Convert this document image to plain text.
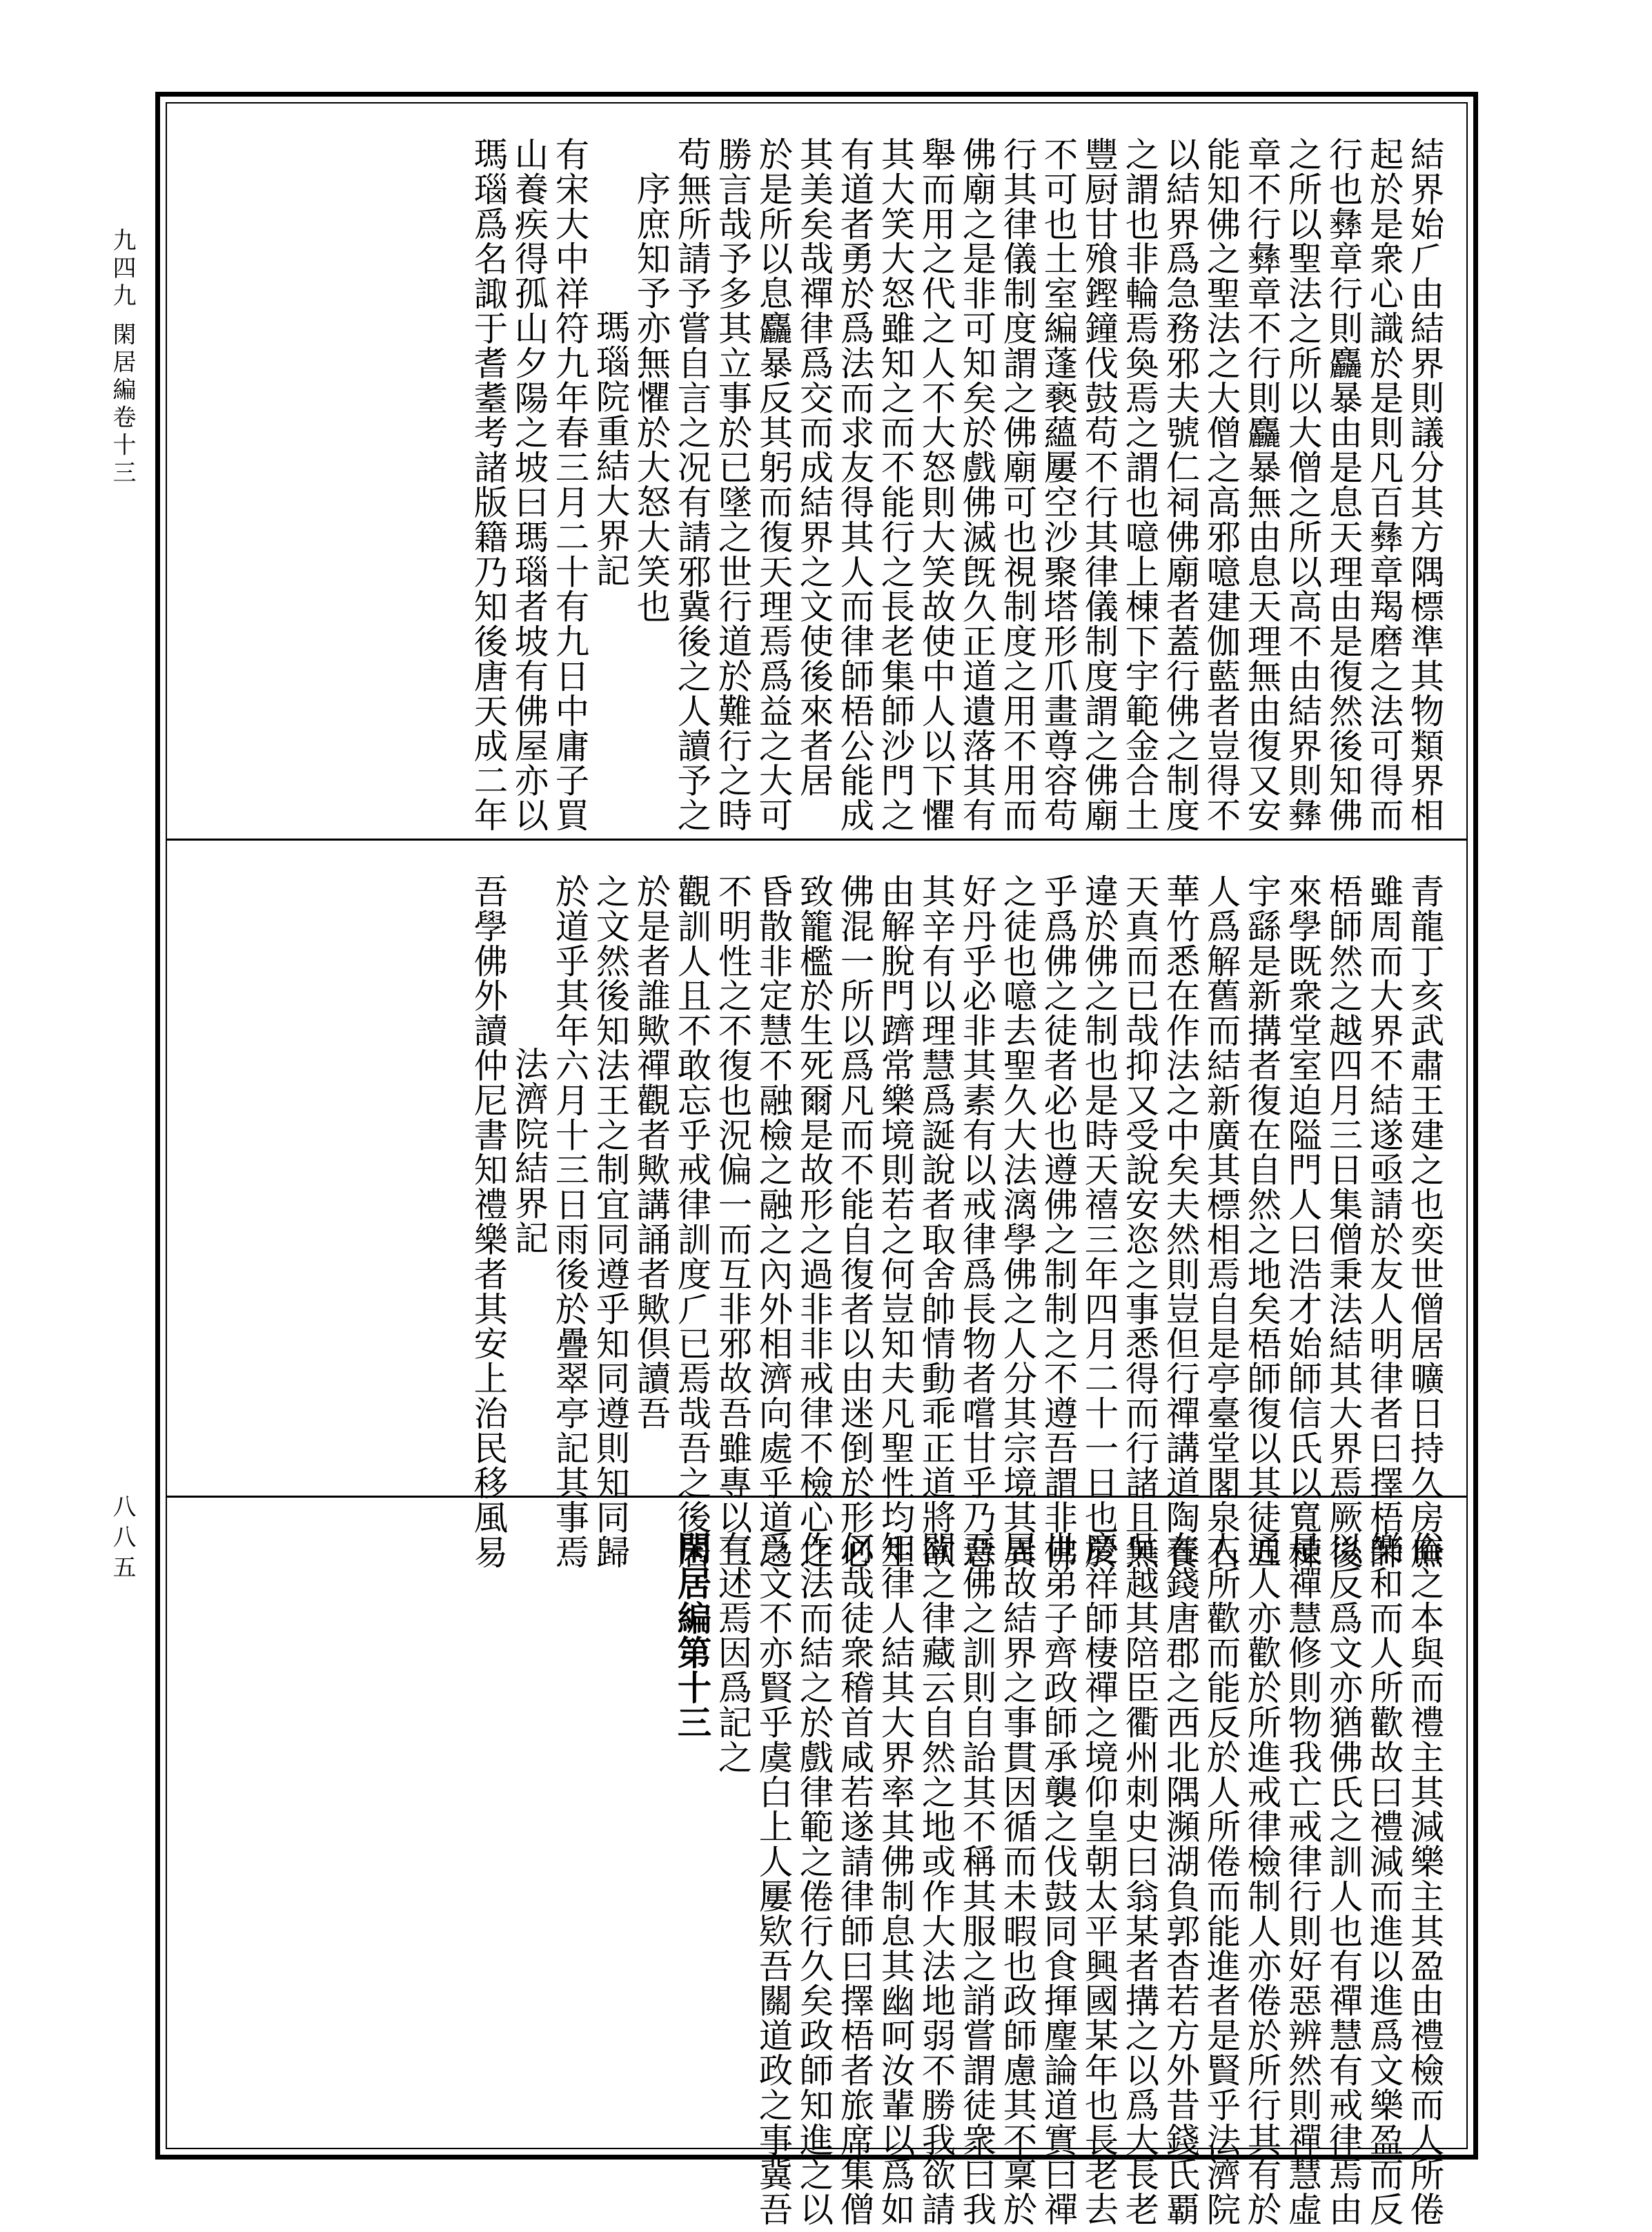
九四九 閑居編卷十三
八八五
結界始⺁由結界則議分其方隅標準其物類界相
起於是衆心識於是則凡百彝章羯磨之法可得而
行也彝章行則麤暴由是息天理由是復然後知佛
之所以聖法之所以大僧之所以高不由結界則彝
章不行彝章不行則麤暴無由息天理無由復又安
能知佛之聖法之大僧之高邪噫建伽藍者豈得不
以結界爲急務邪夫號仁祠佛廟者蓋行佛之制度
之謂也非輪焉奐焉之謂也噫上棟下宇範金合土
豐厨甘飱鏗鐘伐鼓苟不行其律儀制度謂之佛廟
不可也土室編蓬褻蘊屢空沙聚塔形爪畫尊容苟
行其律儀制度謂之佛廟可也視制度之用不用而
佛廟之是非可知矣於戲佛滅旣久正道遺落其有
舉而用之代之人不大怒則大笑故使中人以下懼
其大笑大怒雖知之而不能行之長老集師沙門之
有道者勇於爲法而求友得其人而律師梧公能成
其美矣哉禪律爲交而成結界之文使後來者居
於是所以息麤暴反其躬而復天理焉爲益之大可
勝言哉予多其立事於已墜之世行道於難行之時
苟無所請予嘗自言之况有請邪冀後之人讀予之
序庶知予亦無懼於大怒大笑也
瑪瑙院重結大界記
有宋大中祥符九年春三月二十有九日中庸子買
山養疾得孤山夕陽之坡曰瑪瑙者坡有佛屋亦以
瑪瑙爲名諏于耆耋考諸版籍乃知後唐天成二年
青龍丁亥武肅王建之也奕世僧居曠日持久房廡
雖周而大界不結遂亟請於友人明律者曰擇梧師
梧師然之越四月三日集僧秉法結其大界焉厥後
來學既衆堂室迫隘門人曰浩才始師信氏以寬棟
宇繇是新搆者復在自然之地矣梧師復以其徒五
人爲解舊而結新廣其標相焉自是亭臺堂閣泉石
華竹悉在作法之中矣夫然則豈但行禪講道陶養
天真而已哉抑又受說安恣之事悉得而行諸且無
違於佛之制也是時天禧三年四月二十一日也於
乎爲佛之徒者必也遵佛之制制之不遵吾謂非佛
之徒也噫去聖久大法漓學佛之人分其宗境其異
好丹乎必非其素有以戒律爲長物者嚐甘乎乃惡
其辛有以理慧爲誕說者取舍帥情動乖正道將欲
由解脫門躋常樂境則若之何豈知夫凡聖性均生
佛混一所以爲凡而不能自復者以由迷倒於形必
致籠檻於生死爾是故形之過非非戒律不檢心之
昏散非定慧不融檢之融之內外相濟向處乎道之
不明性之不復也況偏一而互非邪故吾雖專以三
觀訓人且不敢忘乎戒律訓度⺁已焉哉吾之後居
於是者誰歟禪觀者歟講誦者歟倶讀吾
之文然後知法王之制宜同遵乎知同遵則知同歸
於道乎其年六月十三日雨後於疊翠亭記其事焉
法濟院結界記
吾學佛外讀仲尼書知禮樂者其安上治民移風易
俗之本與而禮主其減樂主其盈由禮檢而人所倦
樂和而人所歡故曰禮減而進以進爲文樂盈而反
以反爲文亦猶佛氏之訓人也有禪慧有戒律焉由
是禪慧修則物我亡戒律行則好惡辨然則禪慧虛
通人亦歡於所進戒律檢制人亦倦於所行其有於
人所歡而能反於人所倦而能進者是賢乎法濟院
在錢唐郡之西北隅瀕湖負郭杳若方外昔錢氏覇
吳越其陪臣衢州刺史曰翁某者搆之以爲大長老
慶祥師棲禪之境仰皇朝太平興國某年也長老去
世弟子齊政師承襲之伐鼓同食揮麈論道實曰禪
居故結界之事貫因循而未暇也政師慮其不稟於
吾佛之訓則自詒其不稱其服之誚嘗謂徒衆曰我
聞之律藏云自然之地或作大法地弱不勝我欲請
知律人結其大界率其佛制息其幽呵汝輩以爲如
何哉徒衆稽首咸若遂請律師曰擇梧者旅席集僧
作法而結之於戲律範之倦行久矣政師知進之以
爲文不亦賢乎虞白上人屢欵吾關道政之事冀吾
有述焉因爲記之
閑居編第十三
